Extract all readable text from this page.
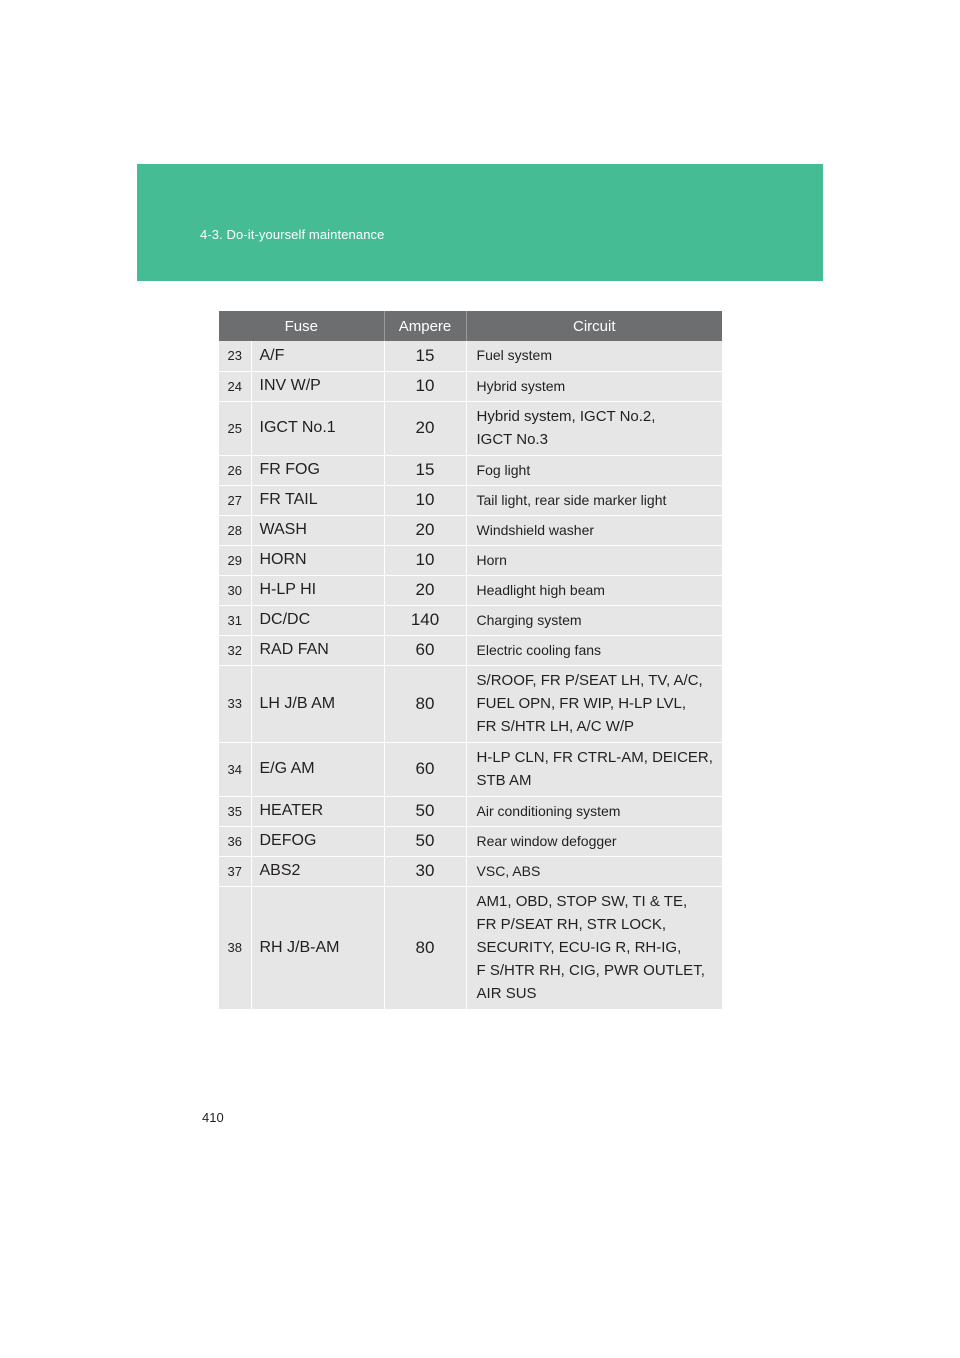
4-3. Do-it-yourself maintenance
Fuse		Ampere	Circuit
23	A/F	15	Fuel system

24	INV W/P	10	Hybrid system

25	IGCT No.1	20	Hybrid system, IGCT No.2,
IGCT No.3

26	FR FOG	15	Fog light

27	FR TAIL	10	Tail light, rear side marker light

28	WASH	20	Windshield washer

29	HORN	10	Horn

30	H-LP HI	20	Headlight high beam

31	DC/DC	140	Charging system

32	RAD FAN	60	Electric cooling fans

33	LH J/B AM	80	S/ROOF, FR P/SEAT LH, TV, A/C,
FUEL OPN, FR WIP, H-LP LVL,
FR S/HTR LH, A/C W/P

34	E/G AM	60	H-LP CLN, FR CTRL-AM, DEICER,
STB AM

35	HEATER	50	Air conditioning system

36	DEFOG	50	Rear window defogger

37	ABS2	30	VSC, ABS

38	RH J/B-AM	80	AM1, OBD, STOP SW, TI & TE,
FR P/SEAT RH, STR LOCK,
SECURITY, ECU-IG R, RH-IG,
F S/HTR RH, CIG, PWR OUTLET,
AIR SUS
410
